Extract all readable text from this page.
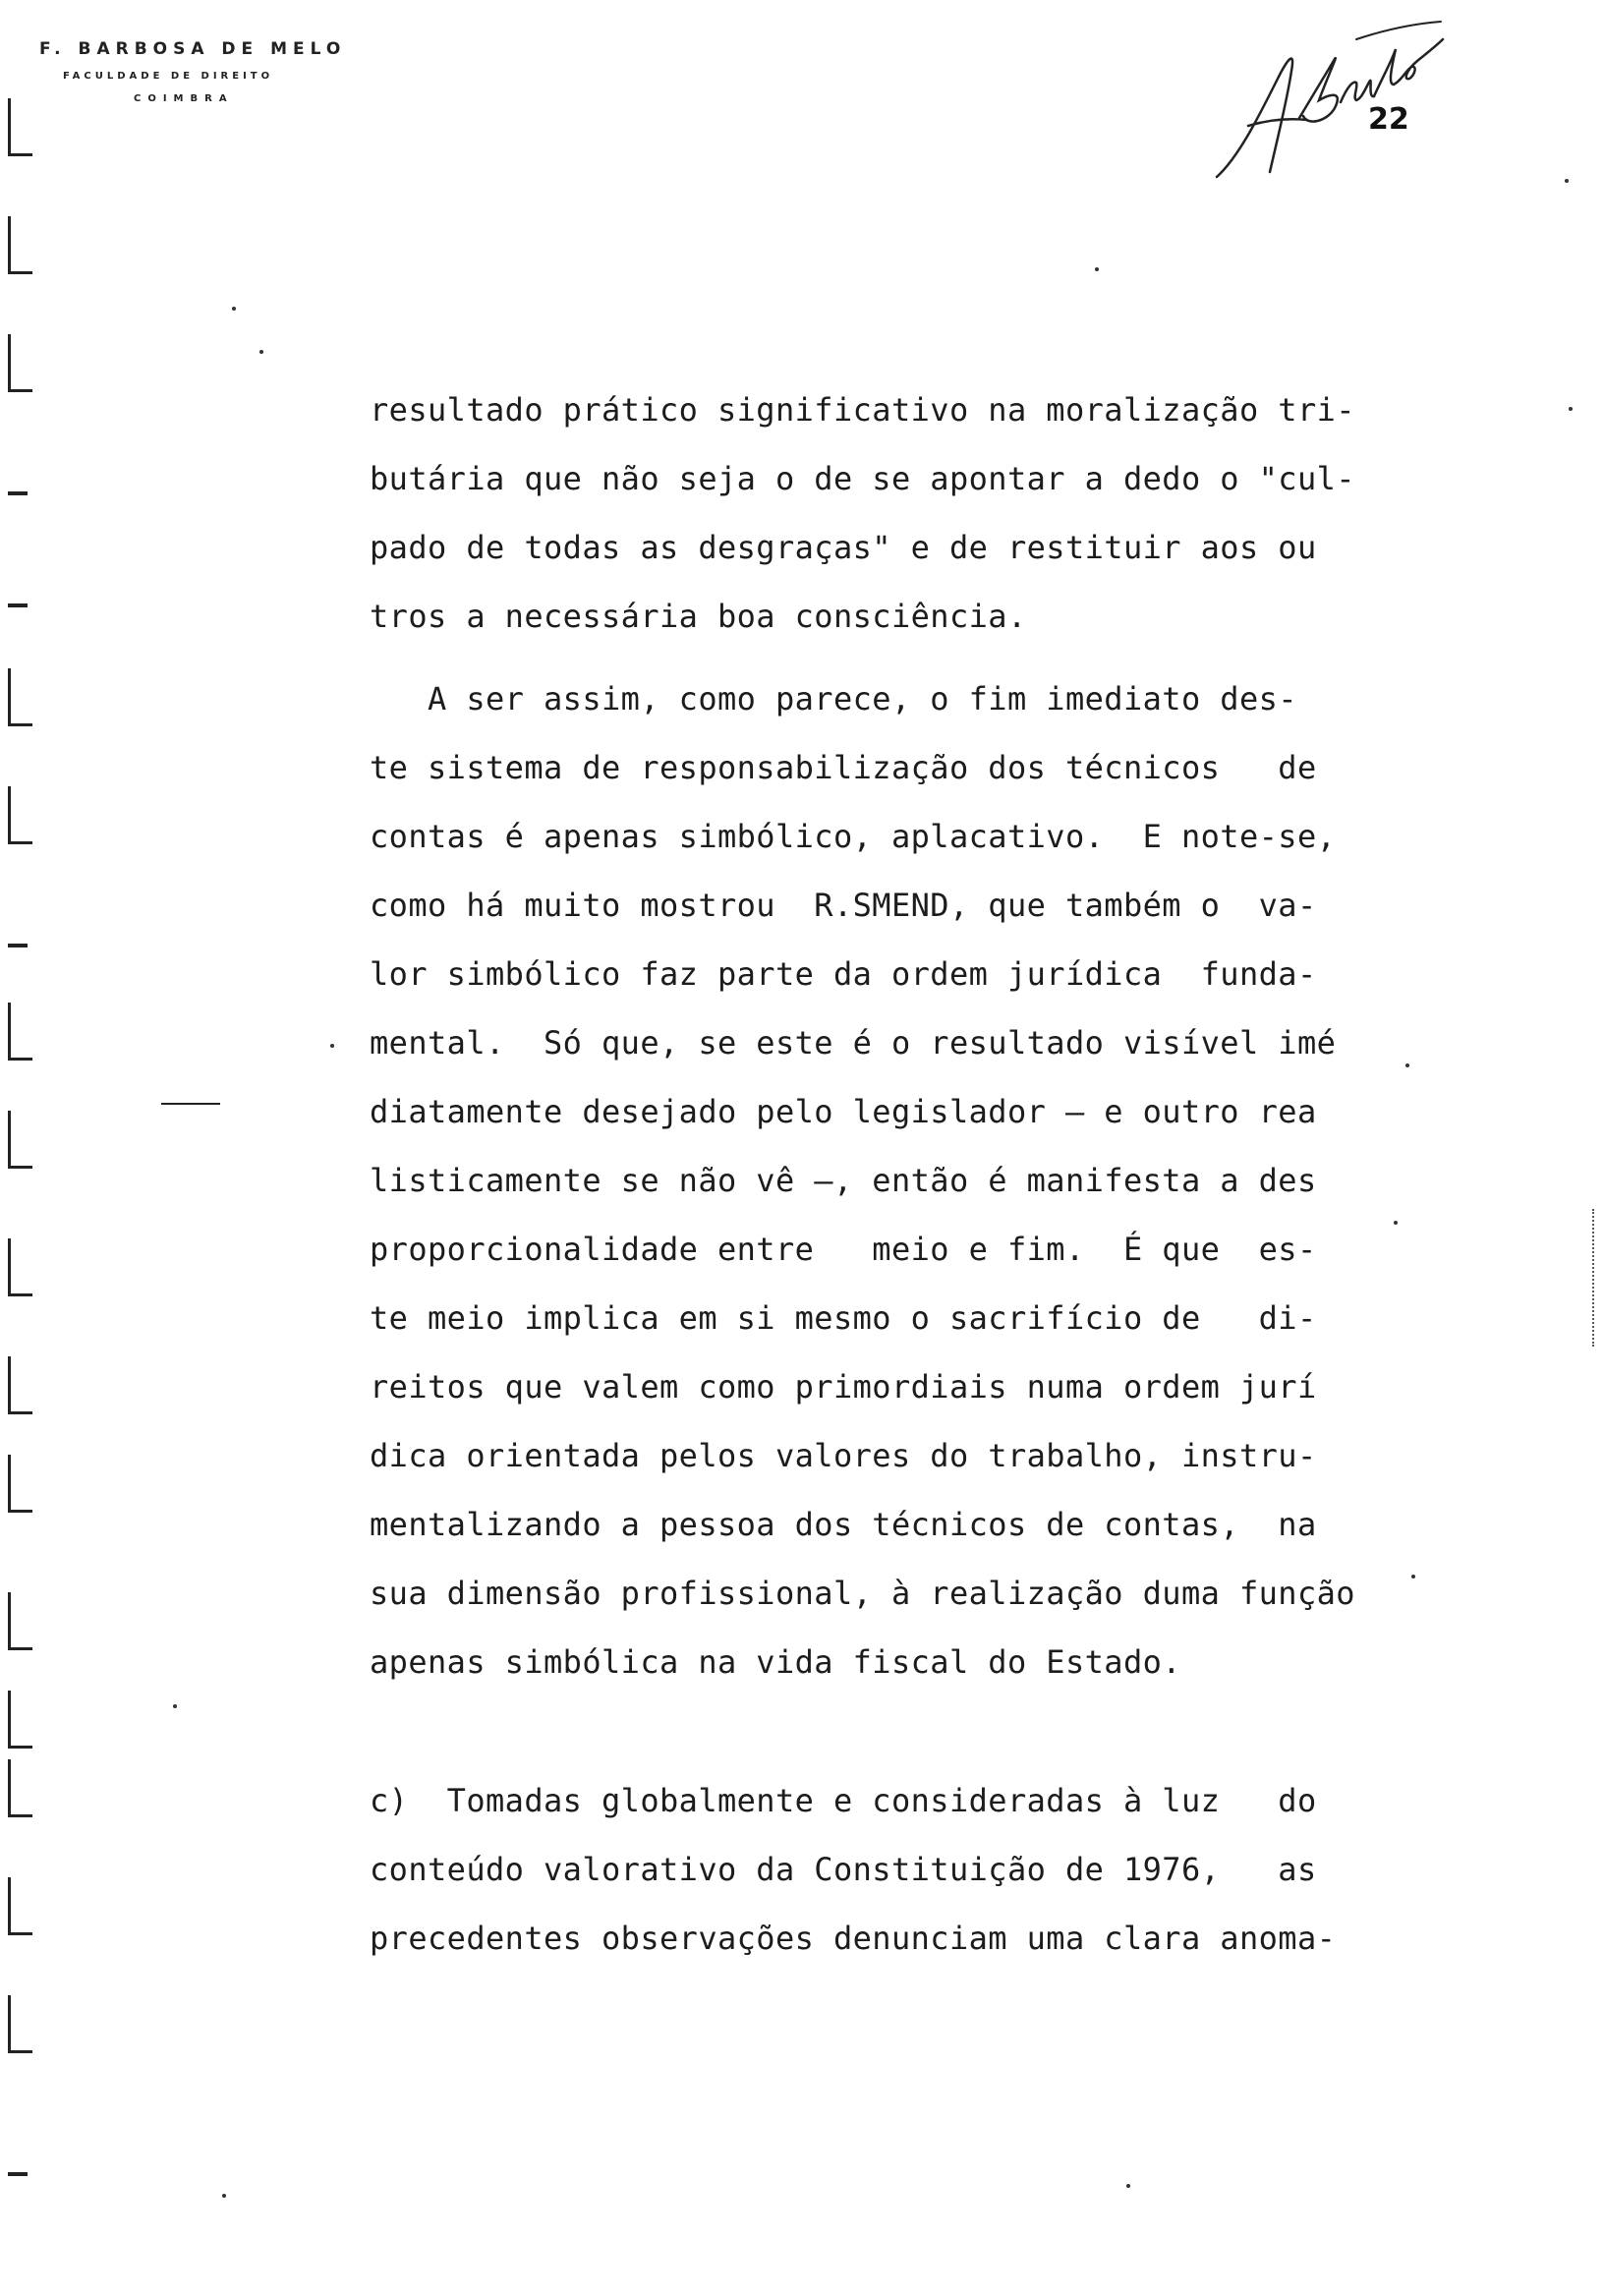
F. BARBOSA DE MELO
FACULDADE DE DIREITO
COIMBRA
22
resultado prático significativo na moralização tri-
butária que não seja o de se apontar a dedo o "cul-
pado de todas as desgraças" e de restituir aos ou
tros a necessária boa consciência.
A ser assim, como parece, o fim imediato des-
te sistema de responsabilização dos técnicos   de
contas é apenas simbólico, aplacativo.  E note-se,
como há muito mostrou  R.SMEND, que também o  va-
lor simbólico faz parte da ordem jurídica  funda-
mental.  Só que, se este é o resultado visível imé
diatamente desejado pelo legislador — e outro rea
listicamente se não vê —, então é manifesta a des
proporcionalidade entre   meio e fim.  É que  es-
te meio implica em si mesmo o sacrifício de   di-
reitos que valem como primordiais numa ordem jurí
dica orientada pelos valores do trabalho, instru-
mentalizando a pessoa dos técnicos de contas,  na
sua dimensão profissional, à realização duma função
apenas simbólica na vida fiscal do Estado.
c)  Tomadas globalmente e consideradas à luz   do
conteúdo valorativo da Constituição de 1976,   as
precedentes observações denunciam uma clara anoma-
